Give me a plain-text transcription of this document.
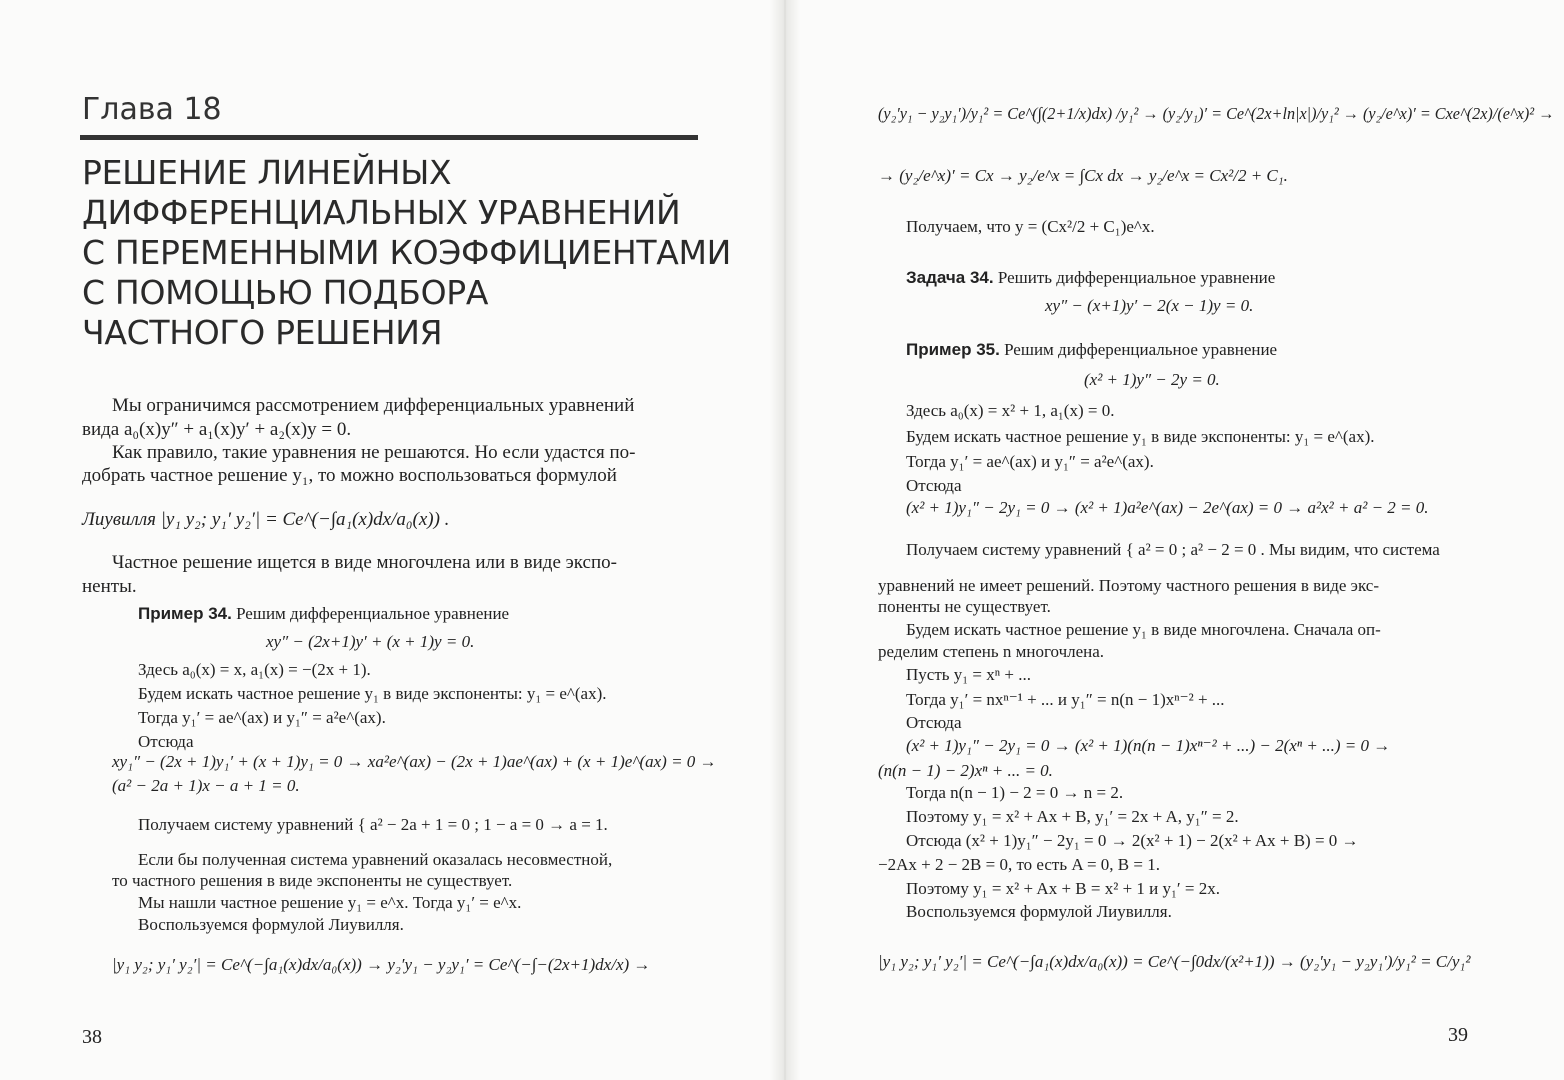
Глава 18
РЕШЕНИЕ ЛИНЕЙНЫХ
ДИФФЕРЕНЦИАЛЬНЫХ УРАВНЕНИЙ
С ПЕРЕМЕННЫМИ КОЭФФИЦИЕНТАМИ
С ПОМОЩЬЮ ПОДБОРА
ЧАСТНОГО РЕШЕНИЯ
Мы ограничимся рассмотрением дифференциальных уравнений
вида a₀(x)y″ + a₁(x)y′ + a₂(x)y = 0.
Как правило, такие уравнения не решаются. Но если удастся по-
добрать частное решение y₁, то можно воспользоваться формулой
Лиувилля |y₁ y₂; y₁′ y₂′| = Ce^(−∫a₁(x)dx/a₀(x)) .
Частное решение ищется в виде многочлена или в виде экспо-
ненты.
Пример 34. Решим дифференциальное уравнение
xy″ − (2x+1)y′ + (x + 1)y = 0.
Здесь a₀(x) = x, a₁(x) = −(2x + 1).
Будем искать частное решение y₁ в виде экспоненты: y₁ = e^(ax).
Тогда y₁′ = ae^(ax) и y₁″ = a²e^(ax).
Отсюда
xy₁″ − (2x + 1)y₁′ + (x + 1)y₁ = 0 → xa²e^(ax) − (2x + 1)ae^(ax) + (x + 1)e^(ax) = 0 →
(a² − 2a + 1)x − a + 1 = 0.
Получаем систему уравнений { a² − 2a + 1 = 0 ; 1 − a = 0 → a = 1.
Если бы полученная система уравнений оказалась несовместной,
то частного решения в виде экспоненты не существует.
Мы нашли частное решение y₁ = e^x. Тогда y₁′ = e^x.
Воспользуемся формулой Лиувилля.
|y₁ y₂; y₁′ y₂′| = Ce^(−∫a₁(x)dx/a₀(x)) → y₂′y₁ − y₂y₁′ = Ce^(−∫−(2x+1)dx/x) →
38
(y₂′y₁ − y₂y₁′)/y₁² = Ce^(∫(2+1/x)dx) /y₁² → (y₂/y₁)′ = Ce^(2x+ln|x|)/y₁² → (y₂/e^x)′ = Cxe^(2x)/(e^x)² →
→ (y₂/e^x)′ = Cx → y₂/e^x = ∫Cx dx → y₂/e^x = Cx²/2 + C₁.
Получаем, что y = (Cx²/2 + C₁)e^x.
Задача 34. Решить дифференциальное уравнение
xy″ − (x+1)y′ − 2(x − 1)y = 0.
Пример 35. Решим дифференциальное уравнение
(x² + 1)y″ − 2y = 0.
Здесь a₀(x) = x² + 1, a₁(x) = 0.
Будем искать частное решение y₁ в виде экспоненты: y₁ = e^(ax).
Тогда y₁′ = ae^(ax) и y₁″ = a²e^(ax).
Отсюда
(x² + 1)y₁″ − 2y₁ = 0 → (x² + 1)a²e^(ax) − 2e^(ax) = 0 → a²x² + a² − 2 = 0.
Получаем систему уравнений { a² = 0 ; a² − 2 = 0 . Мы видим, что система
уравнений не имеет решений. Поэтому частного решения в виде экс-
поненты не существует.
Будем искать частное решение y₁ в виде многочлена. Сначала оп-
ределим степень n многочлена.
Пусть y₁ = xⁿ + ...
Тогда y₁′ = nxⁿ⁻¹ + ... и y₁″ = n(n − 1)xⁿ⁻² + ...
Отсюда
(x² + 1)y₁″ − 2y₁ = 0 → (x² + 1)(n(n − 1)xⁿ⁻² + ...) − 2(xⁿ + ...) = 0 →
(n(n − 1) − 2)xⁿ + ... = 0.
Тогда n(n − 1) − 2 = 0 → n = 2.
Поэтому y₁ = x² + Ax + B, y₁′ = 2x + A, y₁″ = 2.
Отсюда (x² + 1)y₁″ − 2y₁ = 0 → 2(x² + 1) − 2(x² + Ax + B) = 0 →
−2Ax + 2 − 2B = 0, то есть A = 0, B = 1.
Поэтому y₁ = x² + Ax + B = x² + 1 и y₁′ = 2x.
Воспользуемся формулой Лиувилля.
|y₁ y₂; y₁′ y₂′| = Ce^(−∫a₁(x)dx/a₀(x)) = Ce^(−∫0dx/(x²+1)) → (y₂′y₁ − y₂y₁′)/y₁² = C/y₁²
39
